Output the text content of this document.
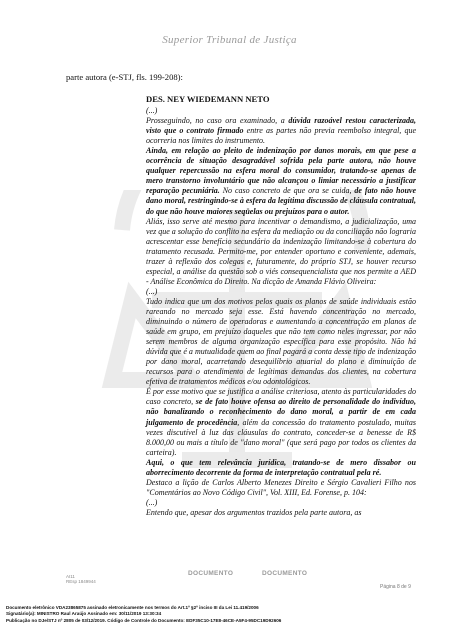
Superior Tribunal de Justiça
parte autora (e-STJ, fls. 199-208):

DES. NEY WIEDEMANN NETO

(...)

Prosseguindo, no caso ora examinado, a dúvida razoável restou caracterizada, visto que o contrato firmado entre as partes não previa reembolso integral, que ocorreria nos limites do instrumento.

Ainda, em relação ao pleito de indenização por danos morais, em que pese a ocorrência de situação desagradável sofrida pela parte autora, não houve qualquer repercussão na esfera moral do consumidor, tratando-se apenas de mero transtorno involuntário que não alcançou o limiar necessário a justificar reparação pecuniária. No caso concreto de que ora se cuida, de fato não houve dano moral, restringindo-se à esfera da legítima discussão de cláusula contratual, do que não houve maiores seqüelas ou prejuízos para o autor.

Aliás, isso serve até mesmo para incentivar o demandismo, a judicialização, uma vez que a solução do conflito na esfera da mediação ou da conciliação não lograria acrescentar esse benefício secundário da indenização limitando-se à cobertura do tratamento recusada. Permito-me, por entender oportuno e conveniente, ademais, trazer à reflexão dos colegas e, futuramente, do próprio STJ, se houver recurso especial, a análise da questão sob o viés consequencialista que nos permite a AED - Análise Econômica do Direito. Na dicção de Amanda Flávio Oliveira:

(...)

Tudo indica que um dos motivos pelos quais os planos de saúde individuais estão rareando no mercado seja esse. Está havendo concentração no mercado, diminuindo o número de operadoras e aumentando a concentração em planos de saúde em grupo, em prejuízo daqueles que não tem como neles ingressar, por não serem membros de alguma organização específica para esse propósito. Não há dúvida que é a mutualidade quem ao final pagará a conta desse tipo de indenização por dano moral, acarretando desequilíbrio atuarial do plano e diminuição de recursos para o atendimento de legítimas demandas dos clientes, na cobertura efetiva de tratamentos médicos e/ou odontológicos.

É por esse motivo que se justifica a análise criteriosa, atento às particularidades do caso concreto, se de fato houve ofensa ao direito de personalidade do indivíduo, não banalizando o reconhecimento do dano moral, a partir de em cada julgamento de procedência, além da concessão do tratamento postulado, muitas vezes discutível à luz das cláusulas do contrato, conceder-se a benesse de R$ 8.000,00 ou mais a título de "dano moral" (que será pago por todos os clientes da carteira).

Aqui, o que tem relevância jurídica, tratando-se de mero dissabor ou aborrecimento decorrente da forma de interpretação contratual pela ré.

Destaco a lição de Carlos Alberto Menezes Direito e Sérgio Cavalieri Filho nos "Comentários ao Novo Código Civil", Vol. XIII, Ed. Forense, p. 104:

(...)

Entendo que, apesar dos argumentos trazidos pela parte autora, as

AI11
REsp 1849944
DOCUMENTO	DOCUMENTO
Página 8 de 9
Documento eletrônico VDA23865875 assinado eletronicamente nos termos do Art.1º §2º inciso III da Lei 11.419/2006
Signatário(a): MINISTRO Raul Araújo Assinado em: 30/11/2019 13:30:34
Publicação no DJe/STJ nº 2805 de 03/12/2019. Código de Controle do Documento: EDF35C10-17E8-46CE-A5F4-95DC19D92606
